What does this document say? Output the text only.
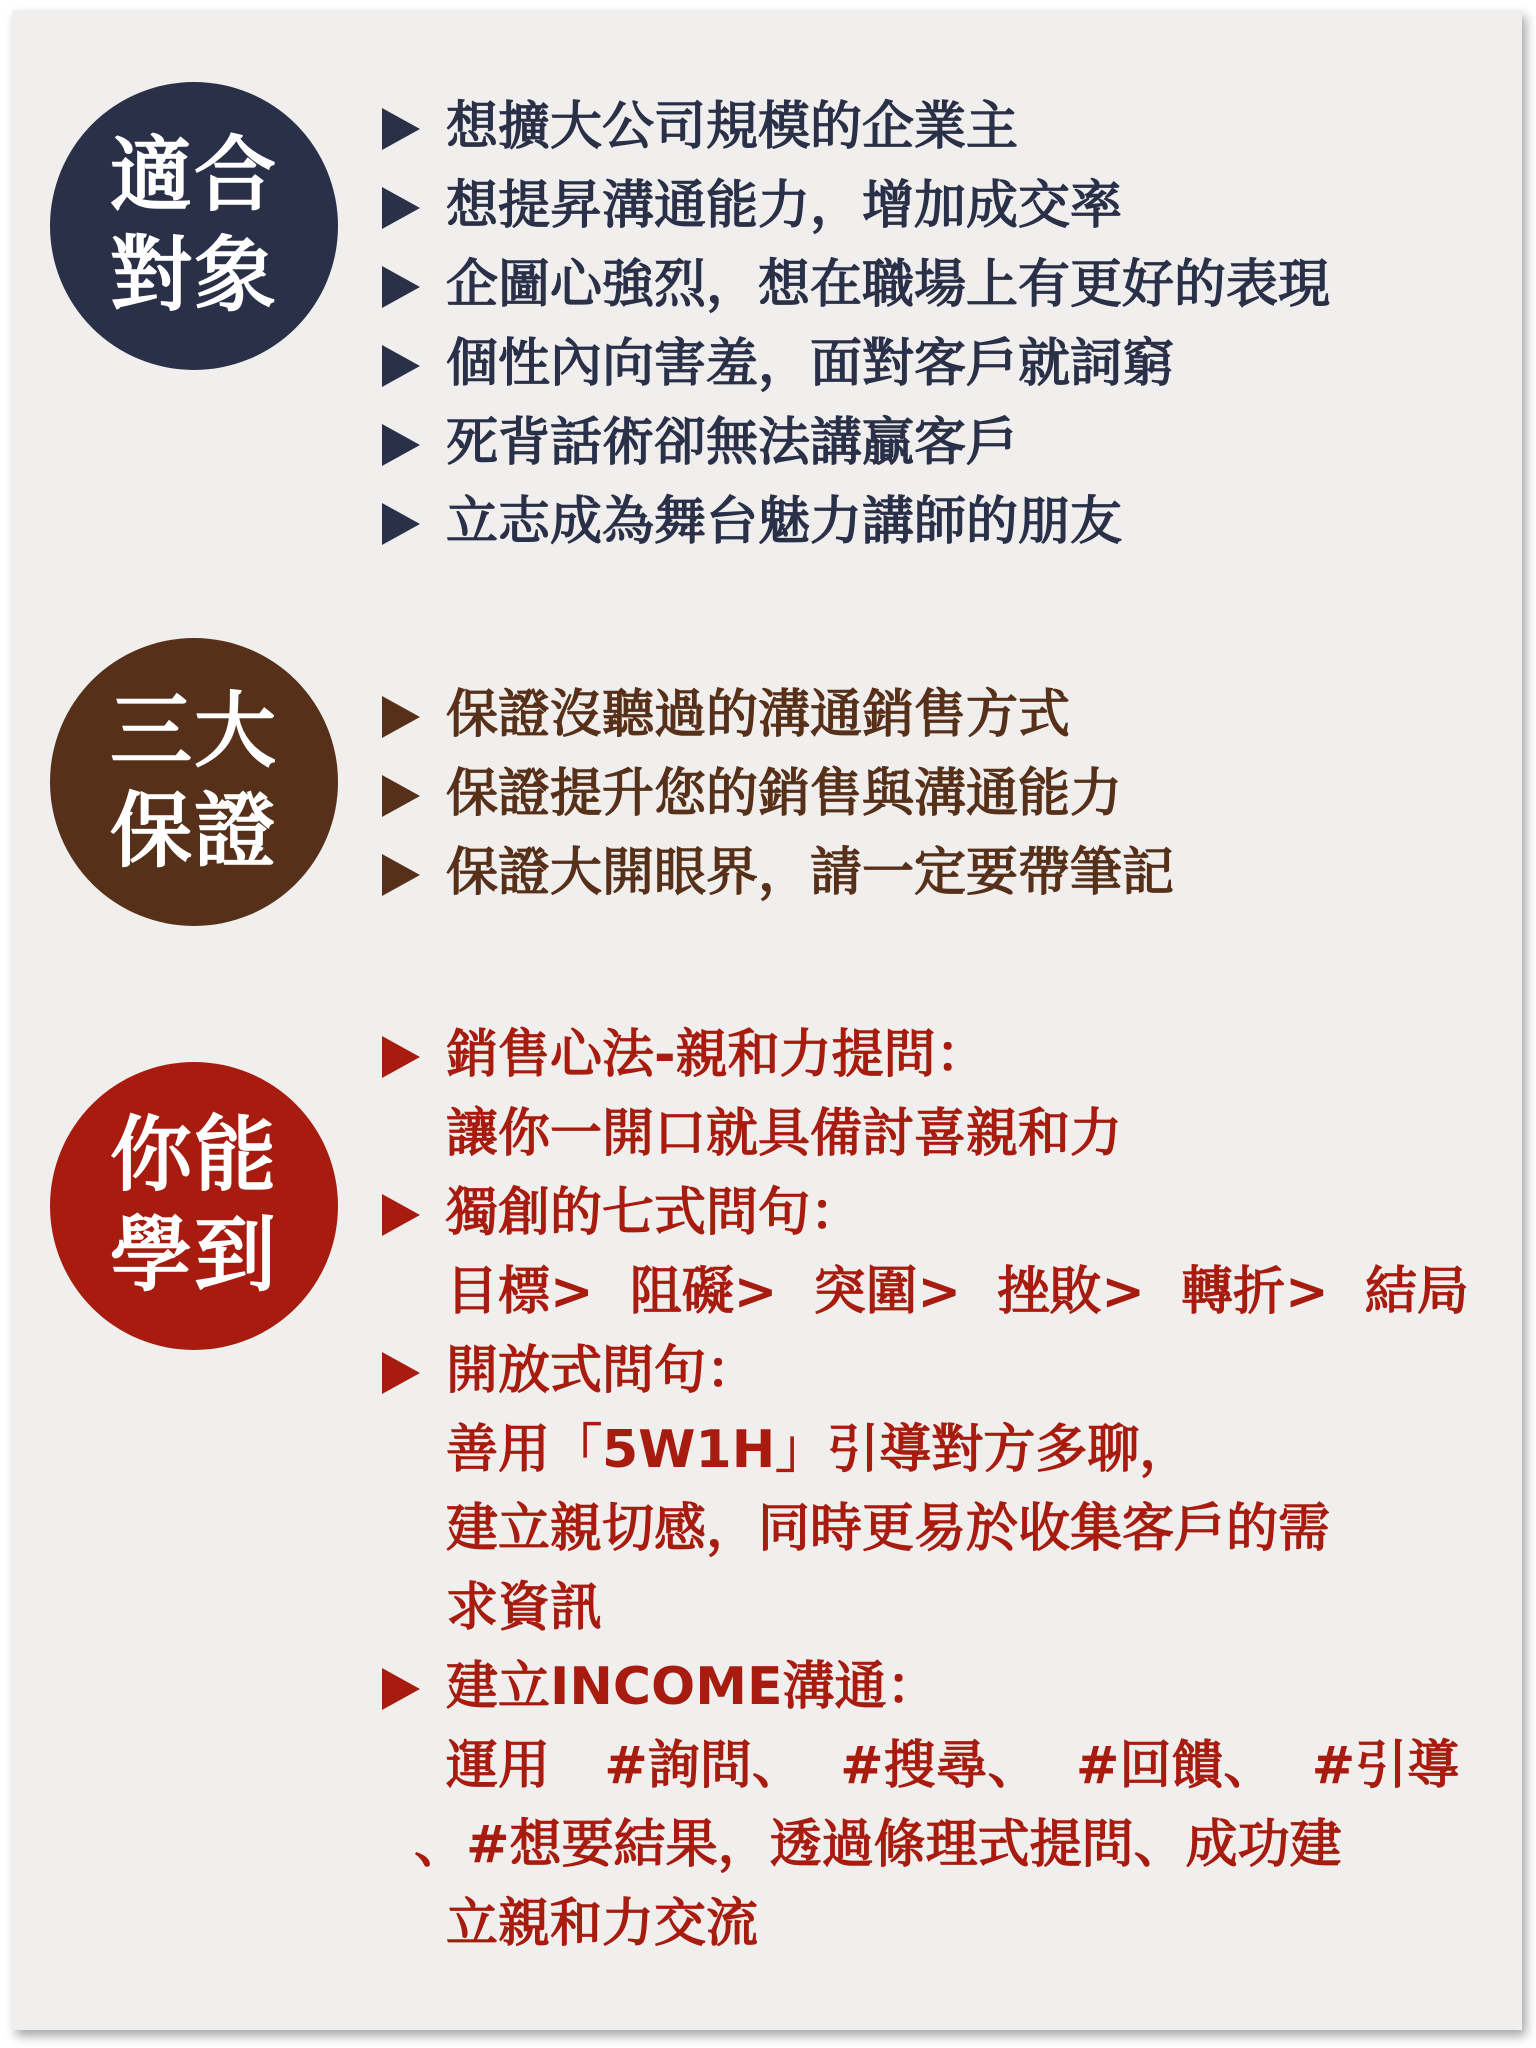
適合
對象
想擴大公司規模的企業主
想提昇溝通能力，增加成交率
企圖心強烈，想在職場上有更好的表現
個性內向害羞，面對客戶就詞窮
死背話術卻無法講贏客戶
立志成為舞台魅力講師的朋友
三大
保證
保證沒聽過的溝通銷售方式
保證提升您的銷售與溝通能力
保證大開眼界，請一定要帶筆記
你能
學到
銷售心法-親和力提問：
讓你一開口就具備討喜親和力
獨創的七式問句：
目標>  阻礙>  突圍>  挫敗>  轉折>  結局
開放式問句：
善用「5W1H」引導對方多聊，
建立親切感，同時更易於收集客戶的需
求資訊
建立INCOME溝通：
運用   #詢問、  #搜尋、  #回饋、  #引導
、#想要結果，透過條理式提問、成功建
立親和力交流
